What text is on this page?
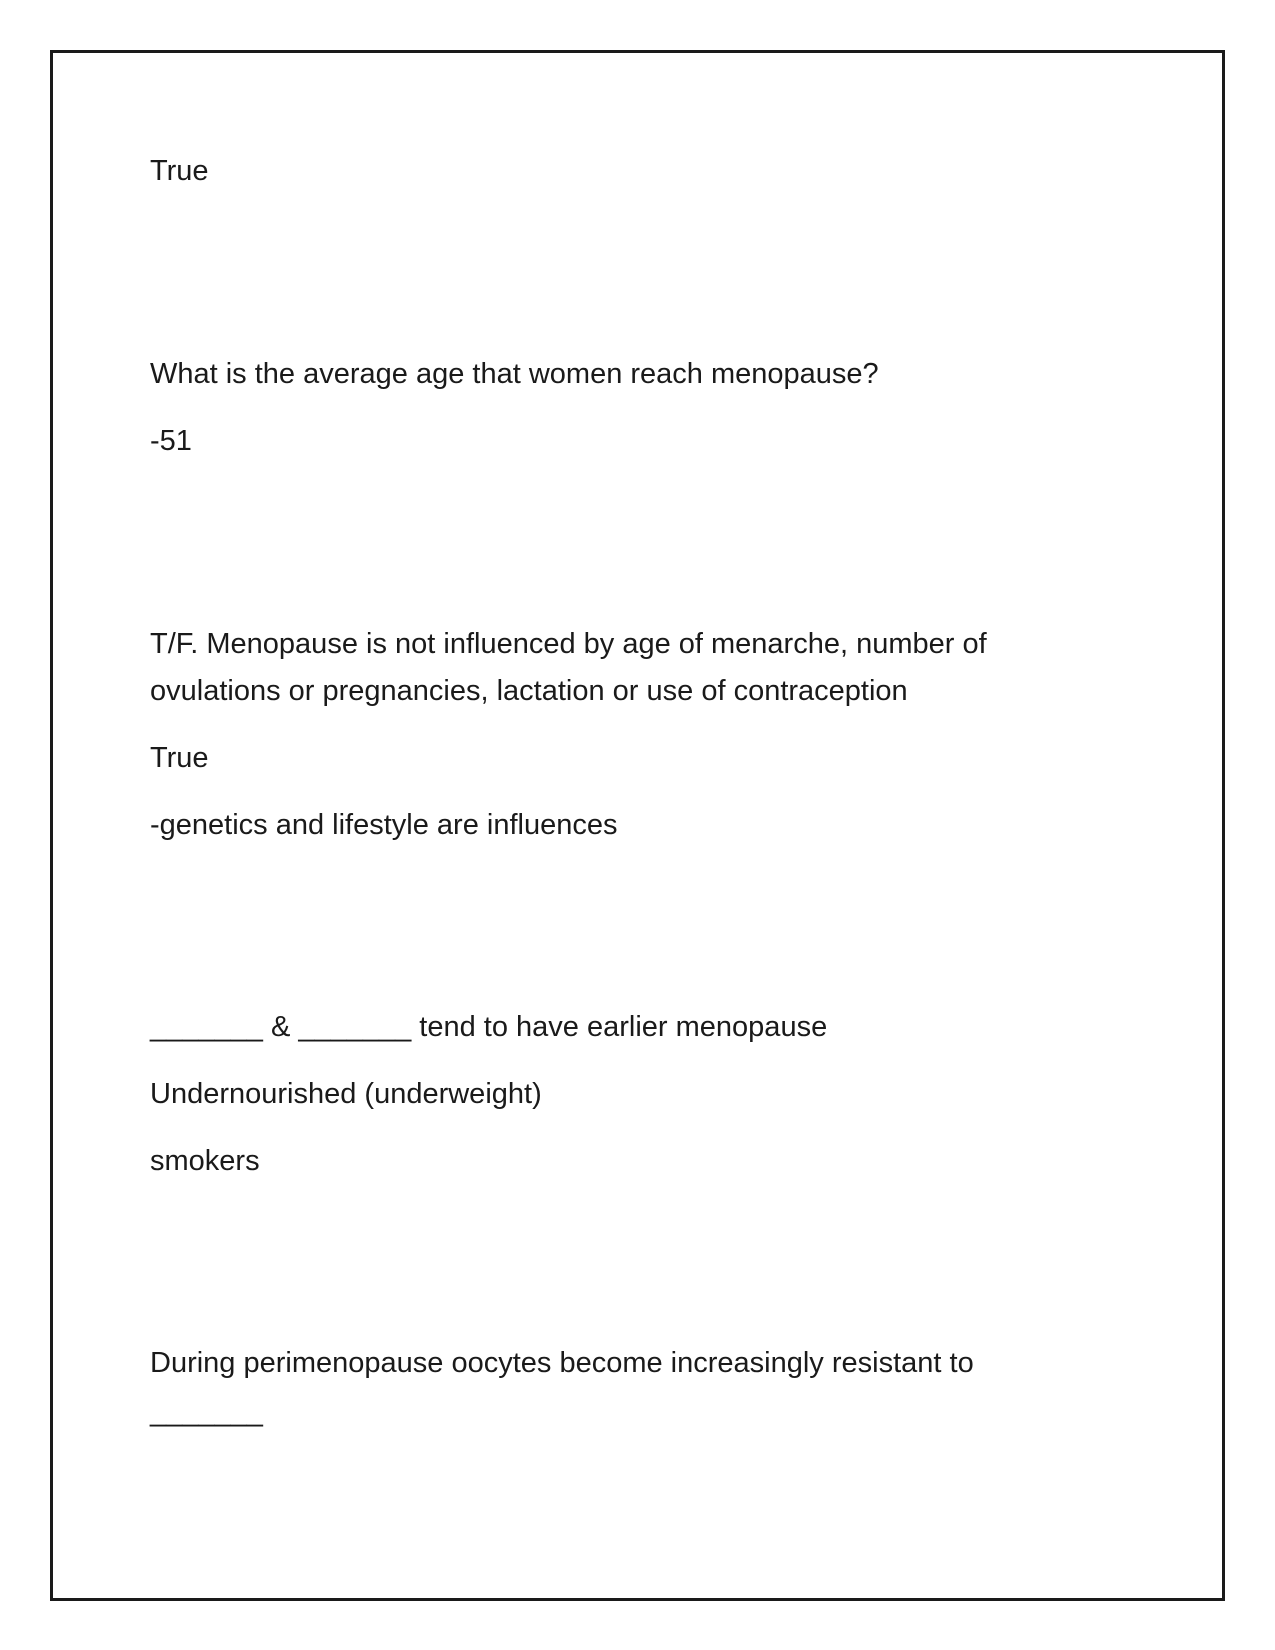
True

What is the average age that women reach menopause?

-51

T/F. Menopause is not influenced by age of menarche, number of

ovulations or pregnancies, lactation or use of contraception

True

-genetics and lifestyle are influences

_______ & _______ tend to have earlier menopause

Undernourished (underweight)

smokers

During perimenopause oocytes become increasingly resistant to

_______
